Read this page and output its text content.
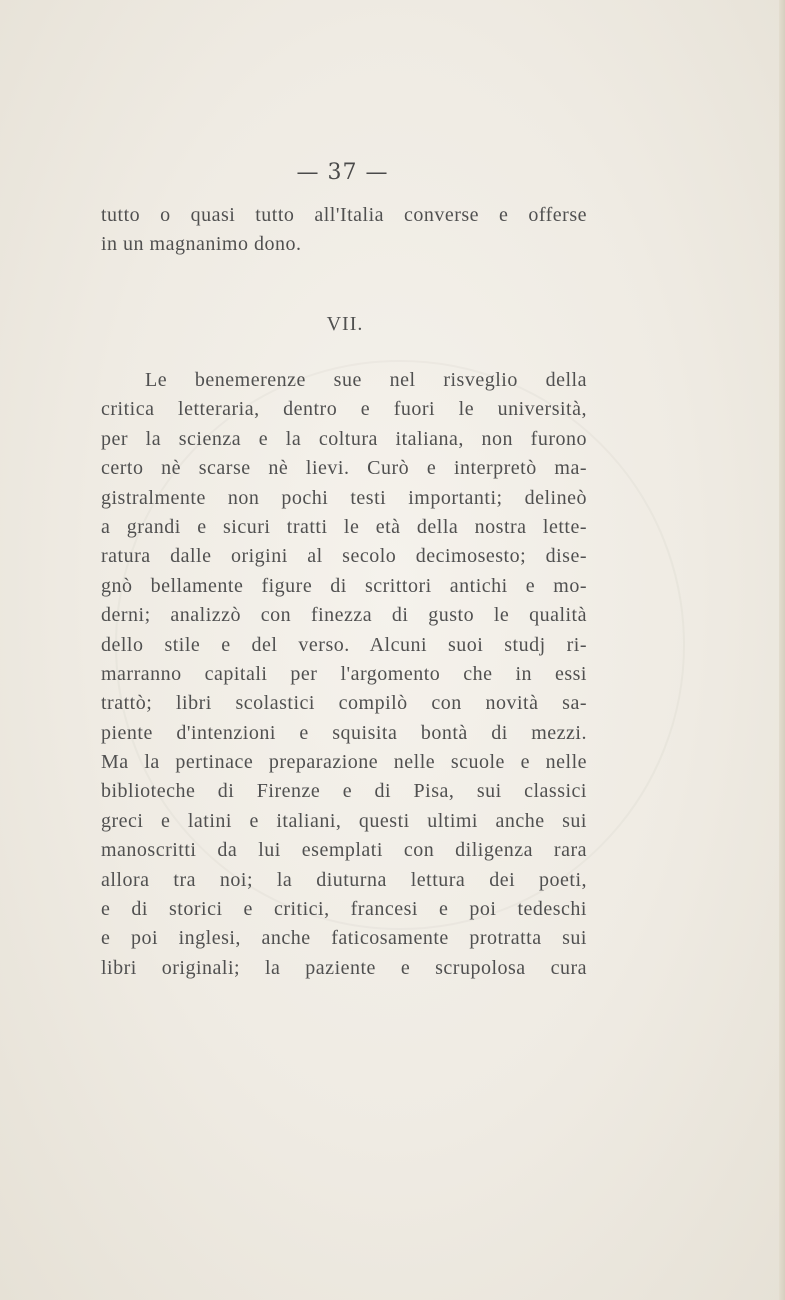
— 37 —
tutto o quasi tutto all'Italia converse e offerse
in un magnanimo dono.
VII.
Le benemerenze sue nel risveglio della
critica letteraria, dentro e fuori le università,
per la scienza e la coltura italiana, non furono
certo nè scarse nè lievi. Curò e interpretò ma-
gistralmente non pochi testi importanti; delineò
a grandi e sicuri tratti le età della nostra lette-
ratura dalle origini al secolo decimosesto; dise-
gnò bellamente figure di scrittori antichi e mo-
derni; analizzò con finezza di gusto le qualità
dello stile e del verso. Alcuni suoi studj ri-
marranno capitali per l'argomento che in essi
trattò; libri scolastici compilò con novità sa-
piente d'intenzioni e squisita bontà di mezzi.
Ma la pertinace preparazione nelle scuole e nelle
biblioteche di Firenze e di Pisa, sui classici
greci e latini e italiani, questi ultimi anche sui
manoscritti da lui esemplati con diligenza rara
allora tra noi; la diuturna lettura dei poeti,
e di storici e critici, francesi e poi tedeschi
e poi inglesi, anche faticosamente protratta sui
libri originali; la paziente e scrupolosa cura
